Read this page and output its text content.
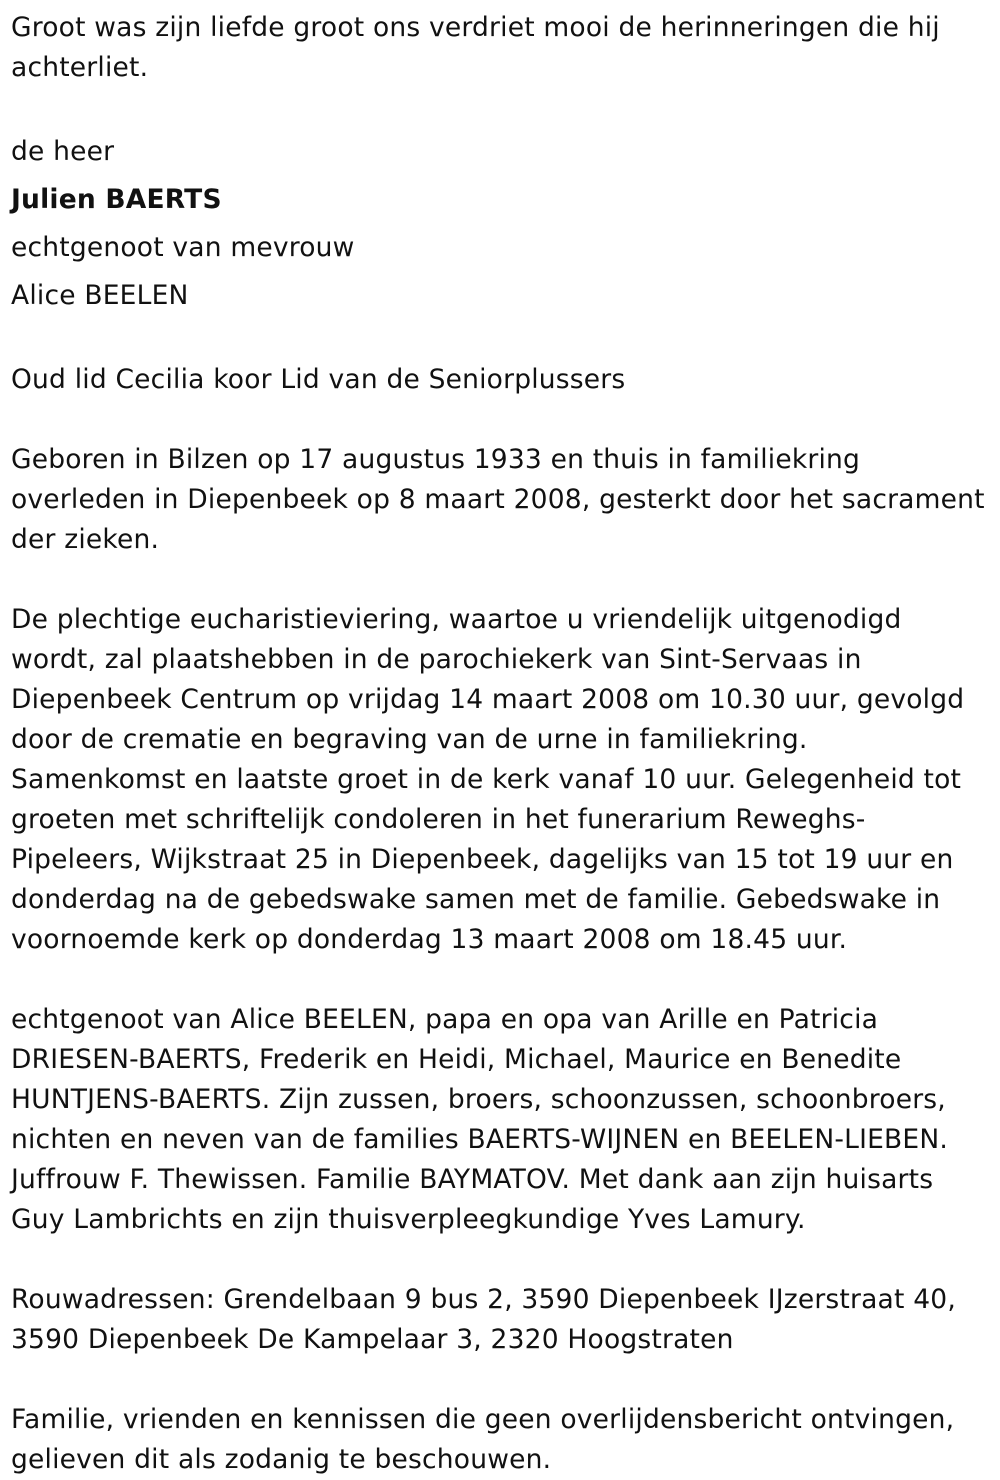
Groot was zijn liefde groot ons verdriet mooi de herinneringen die hij achterliet.

de heer

Julien BAERTS

echtgenoot van mevrouw

Alice BEELEN

Oud lid Cecilia koor Lid van de Seniorplussers

Geboren in Bilzen op 17 augustus 1933 en thuis in familiekring overleden in Diepenbeek op 8 maart 2008, gesterkt door het sacrament der zieken.

De plechtige eucharistieviering, waartoe u vriendelijk uitgenodigd wordt, zal plaatshebben in de parochiekerk van Sint-Servaas in Diepenbeek Centrum op vrijdag 14 maart 2008 om 10.30 uur, gevolgd door de crematie en begraving van de urne in familiekring. Samenkomst en laatste groet in de kerk vanaf 10 uur. Gelegenheid tot groeten met schriftelijk condoleren in het funerarium Reweghs-Pipeleers, Wijkstraat 25 in Diepenbeek, dagelijks van 15 tot 19 uur en donderdag na de gebedswake samen met de familie. Gebedswake in voornoemde kerk op donderdag 13 maart 2008 om 18.45 uur.

echtgenoot van Alice BEELEN, papa en opa van Arille en Patricia DRIESEN-BAERTS, Frederik en Heidi, Michael, Maurice en Benedite HUNTJENS-BAERTS. Zijn zussen, broers, schoonzussen, schoonbroers, nichten en neven van de families BAERTS-WIJNEN en BEELEN-LIEBEN. Juffrouw F. Thewissen. Familie BAYMATOV. Met dank aan zijn huisarts Guy Lambrichts en zijn thuisverpleegkundige Yves Lamury.

Rouwadressen: Grendelbaan 9 bus 2, 3590 Diepenbeek IJzerstraat 40, 3590 Diepenbeek De Kampelaar 3, 2320 Hoogstraten

Familie, vrienden en kennissen die geen overlijdensbericht ontvingen, gelieven dit als zodanig te beschouwen.
